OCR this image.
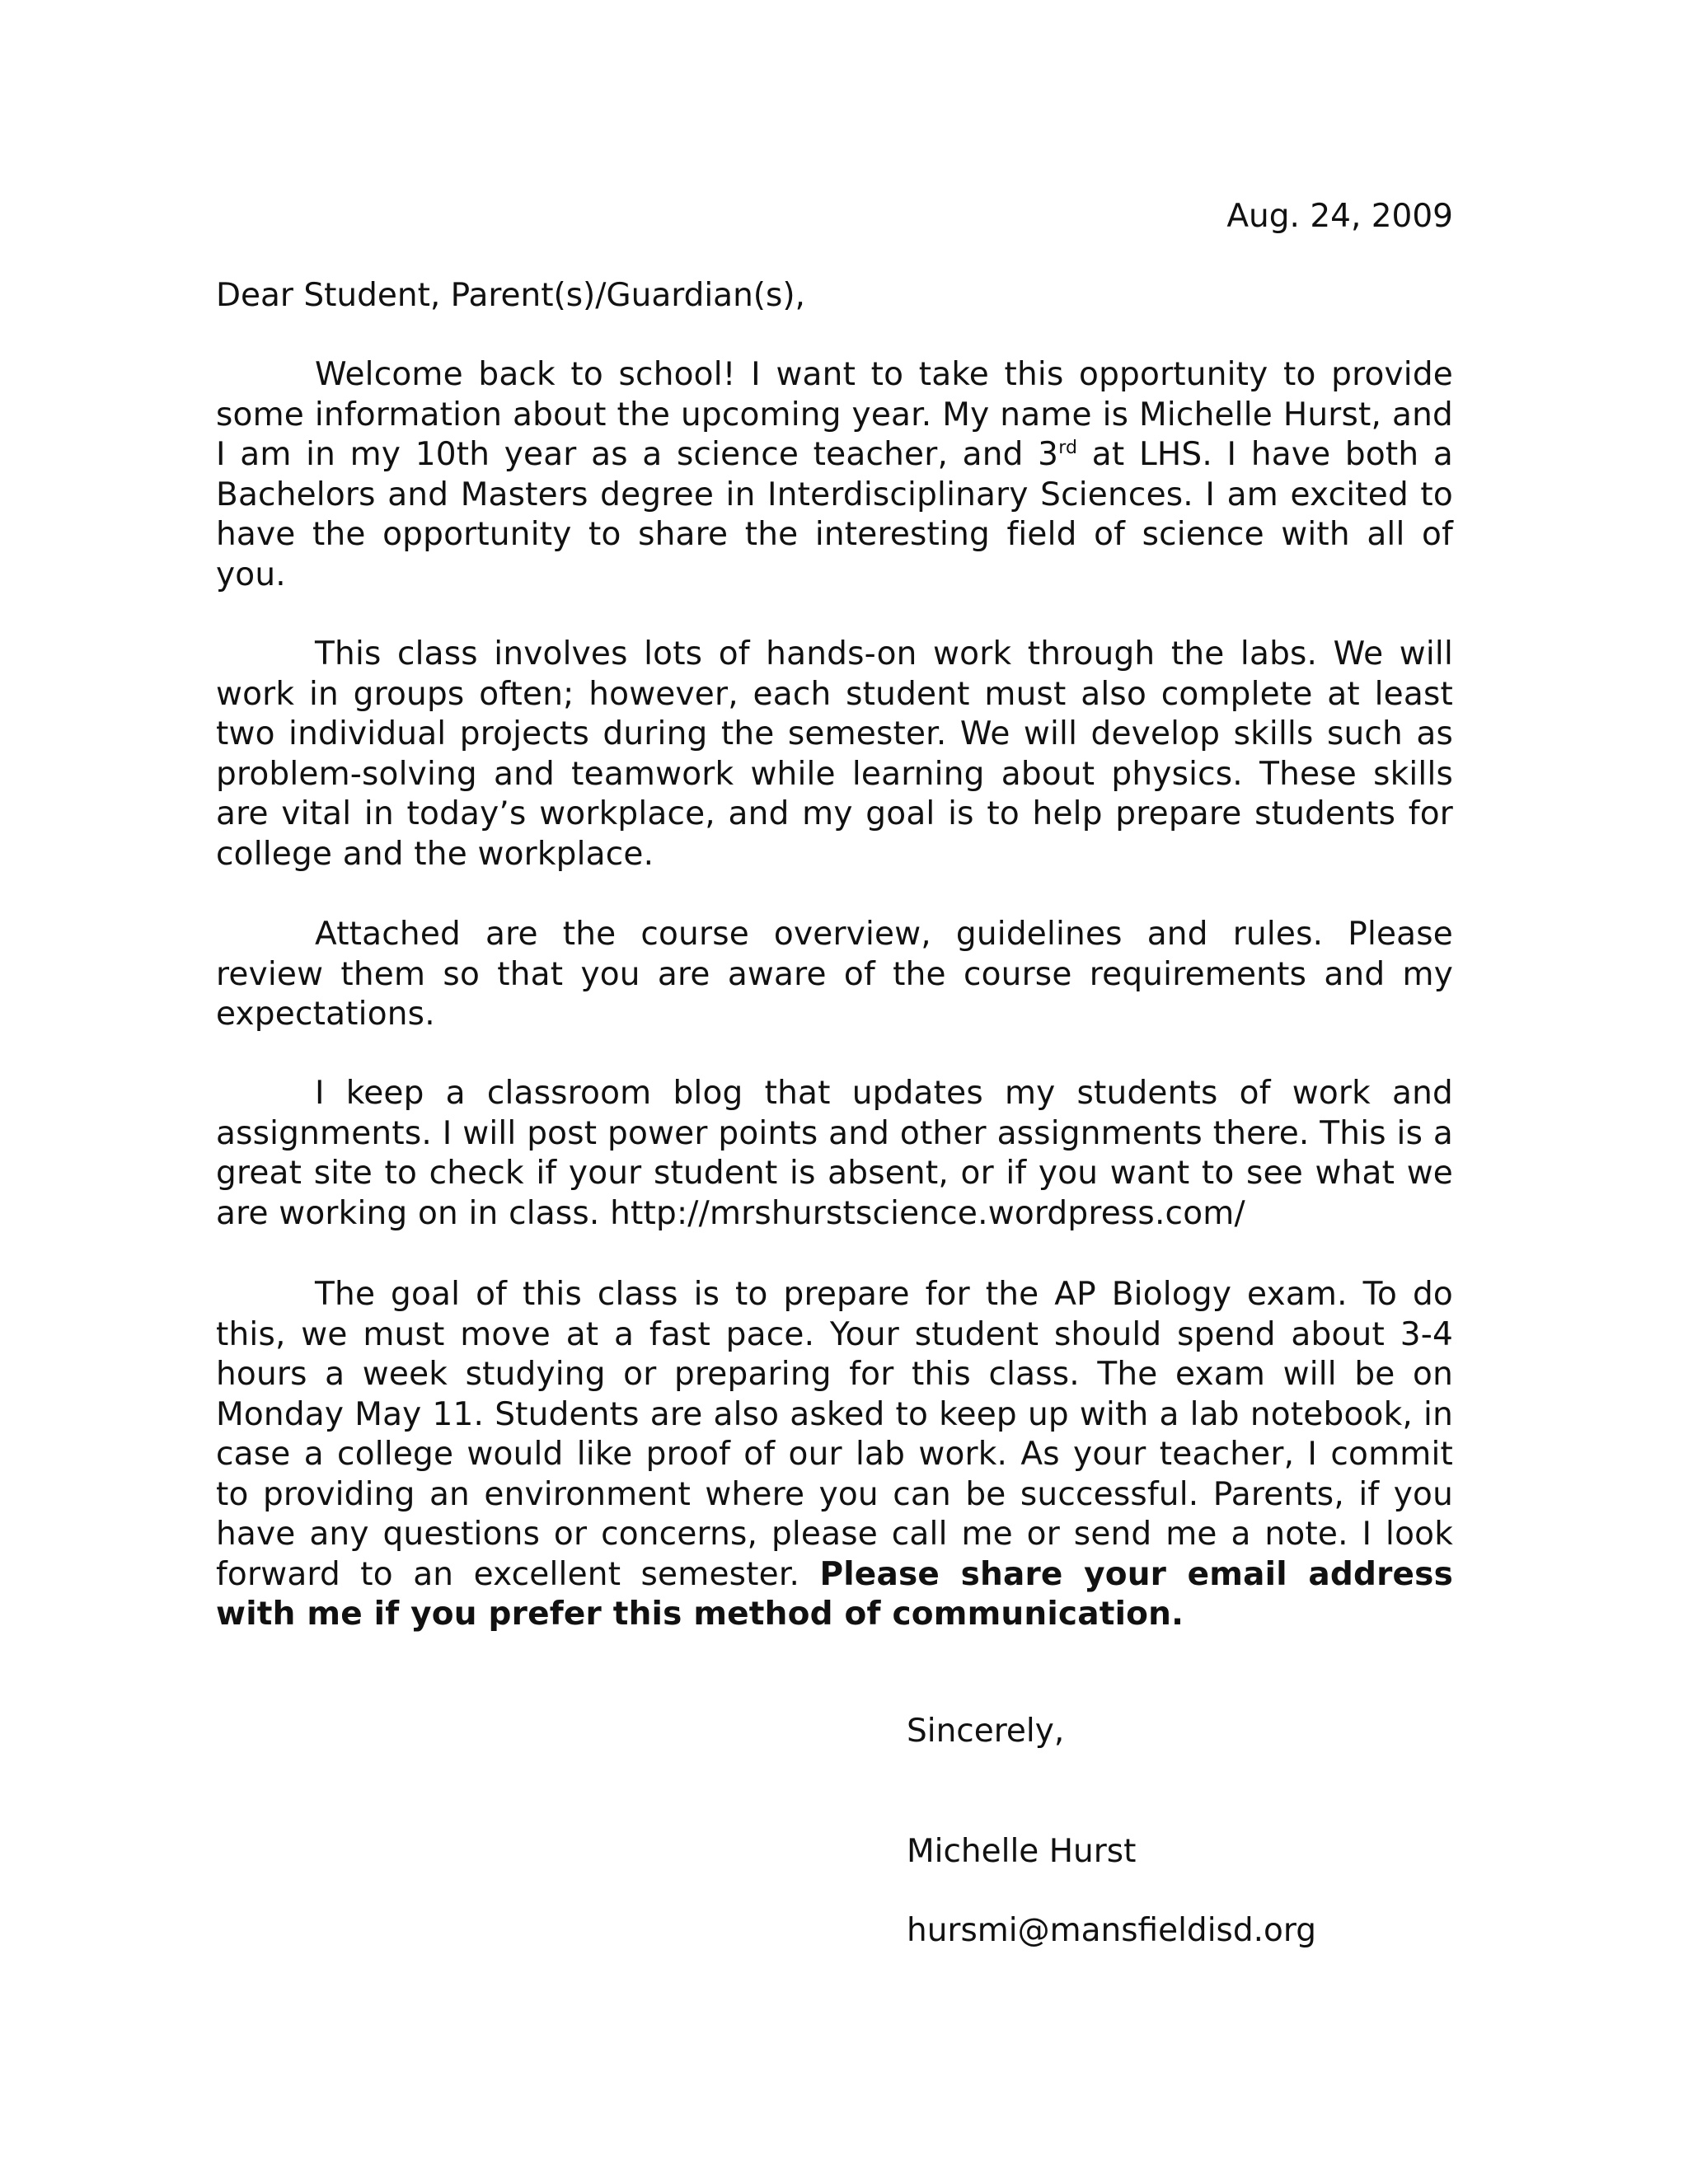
Aug. 24, 2009

Dear Student, Parent(s)/Guardian(s),

Welcome back to school! I want to take this opportunity to provide some information about the upcoming year. My name is Michelle Hurst, and I am in my 10th year as a science teacher, and 3rd at LHS. I have both a Bachelors and Masters degree in Interdisciplinary Sciences. I am excited to have the opportunity to share the interesting field of science with all of you.

This class involves lots of hands-on work through the labs. We will work in groups often; however, each student must also complete at least two individual projects during the semester. We will develop skills such as problem-solving and teamwork while learning about physics. These skills are vital in today’s workplace, and my goal is to help prepare students for college and the workplace.

Attached are the course overview, guidelines and rules. Please review them so that you are aware of the course requirements and my expectations.

I keep a classroom blog that updates my students of work and assignments. I will post power points and other assignments there. This is a great site to check if your student is absent, or if you want to see what we are working on in class. http://mrshurstscience.wordpress.com/

The goal of this class is to prepare for the AP Biology exam. To do this, we must move at a fast pace. Your student should spend about 3-4 hours a week studying or preparing for this class. The exam will be on Monday May 11. Students are also asked to keep up with a lab notebook, in case a college would like proof of our lab work. As your teacher, I commit to providing an environment where you can be successful. Parents, if you have any questions or concerns, please call me or send me a note. I look forward to an excellent semester. Please share your email address with me if you prefer this method of communication.

Sincerely,

Michelle Hurst

hursmi@mansfieldisd.org
